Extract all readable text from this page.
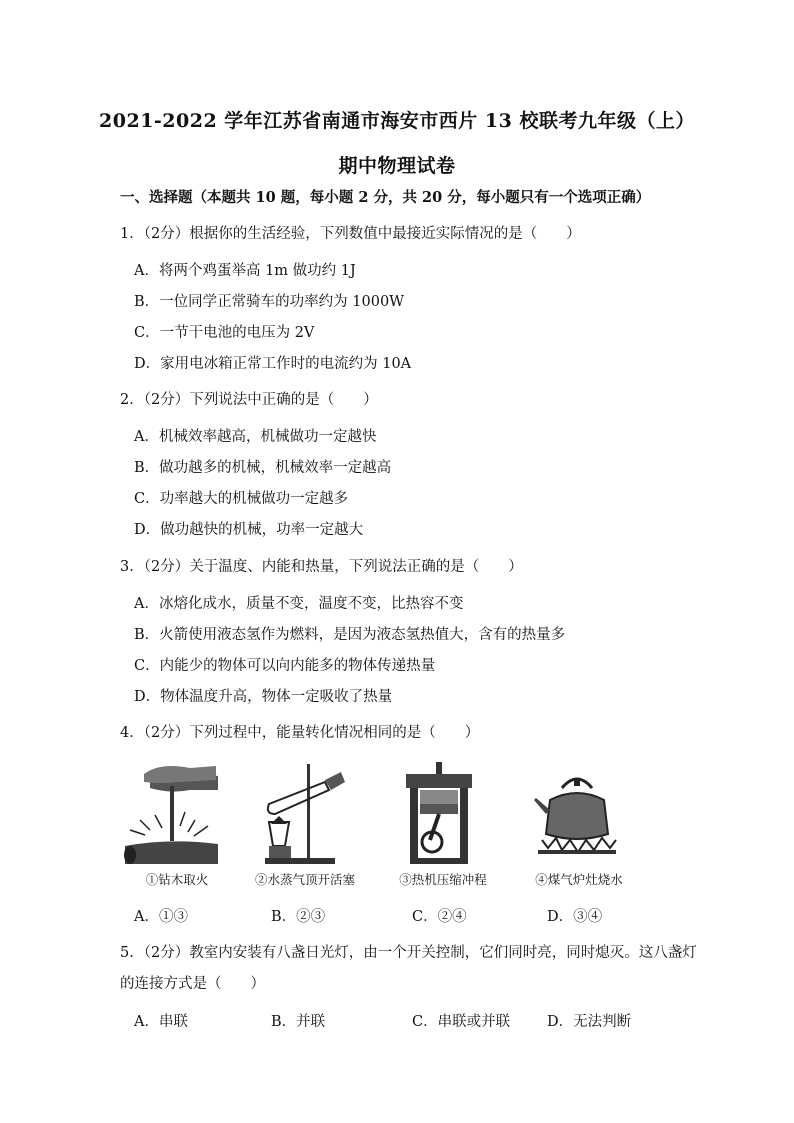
2021-2022 学年江苏省南通市海安市西片 13 校联考九年级（上）
期中物理试卷
一、选择题（本题共 10 题，每小题 2 分，共 20 分，每小题只有一个选项正确）
1．（2分）根据你的生活经验，下列数值中最接近实际情况的是（　　）
A．将两个鸡蛋举高 1m 做功约 1J
B．一位同学正常骑车的功率约为 1000W
C．一节干电池的电压为 2V
D．家用电冰箱正常工作时的电流约为 10A
2．（2分）下列说法中正确的是（　　）
A．机械效率越高，机械做功一定越快
B．做功越多的机械，机械效率一定越高
C．功率越大的机械做功一定越多
D．做功越快的机械，功率一定越大
3．（2分）关于温度、内能和热量，下列说法正确的是（　　）
A．冰熔化成水，质量不变，温度不变，比热容不变
B．火箭使用液态氢作为燃料，是因为液态氢热值大，含有的热量多
C．内能少的物体可以向内能多的物体传递热量
D．物体温度升高，物体一定吸收了热量
4．（2分）下列过程中，能量转化情况相同的是（　　）
①钻木取火	②水蒸气顶开活塞	③热机压缩冲程	④煤气炉灶烧水
A．①③	B．②③	C．②④	D．③④
5．（2分）教室内安装有八盏日光灯，由一个开关控制，它们同时亮，同时熄灭。这八盏灯
的连接方式是（　　）
A．串联	B．并联	C．串联或并联	D．无法判断
